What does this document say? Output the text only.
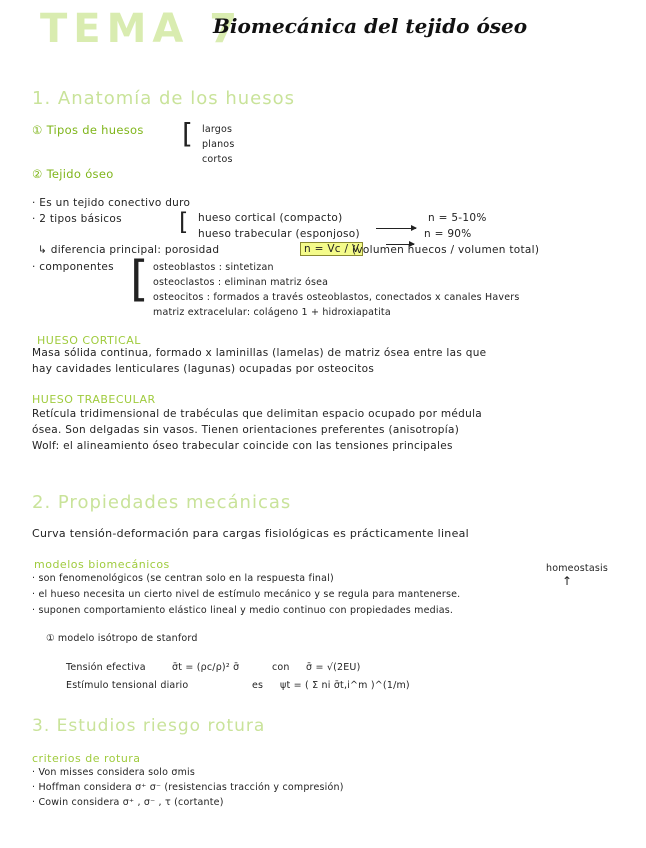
TEMA 7
Biomecánica del tejido óseo
1. Anatomía de los huesos
① Tipos de huesos [ largos
planos
cortos
② Tejido óseo
· Es un tejido conectivo duro
· 2 tipos básicos [ hueso cortical (compacto)	n = 5-10%
hueso trabecular (esponjoso)	n = 90%
↳ diferencia principal: porosidad	n = Vc / V
(volumen huecos / volumen total)
· componentes [ osteoblastos : sintetizan
osteoclastos : eliminan matriz ósea
osteocitos : formados a través osteoblastos, conectados x canales Havers
matriz extracelular: colágeno 1 + hidroxiapatita
HUESO CORTICAL
Masa sólida continua, formado x laminillas (lamelas) de matriz ósea entre las que
hay cavidades lenticulares (lagunas) ocupadas por osteocitos
HUESO TRABECULAR
Retícula tridimensional de trabéculas que delimitan espacio ocupado por médula
ósea. Son delgadas sin vasos. Tienen orientaciones preferentes (anisotropía)
Wolf: el alineamiento óseo trabecular coincide con las tensiones principales
2. Propiedades mecánicas
Curva tensión-deformación para cargas fisiológicas es prácticamente lineal
homeostasis
↑
modelos biomecánicos
· son fenomenológicos (se centran solo en la respuesta final)
· el hueso necesita un cierto nivel de estímulo mecánico y se regula para mantenerse.
· suponen comportamiento elástico lineal y medio continuo con propiedades medias.
① modelo isótropo de stanford
Tensión efectiva	σ̄t = (ρc/ρ)² σ̄	con σ̄ = √(2EU)
Estímulo tensional diario	es ψt = ( Σ ni σ̄t,i^m )^(1/m)
3. Estudios riesgo rotura
criterios de rotura
· Von misses considera solo σmis
· Hoffman considera σ⁺ σ⁻ (resistencias tracción y compresión)
· Cowin considera σ⁺ , σ⁻ , τ (cortante)
